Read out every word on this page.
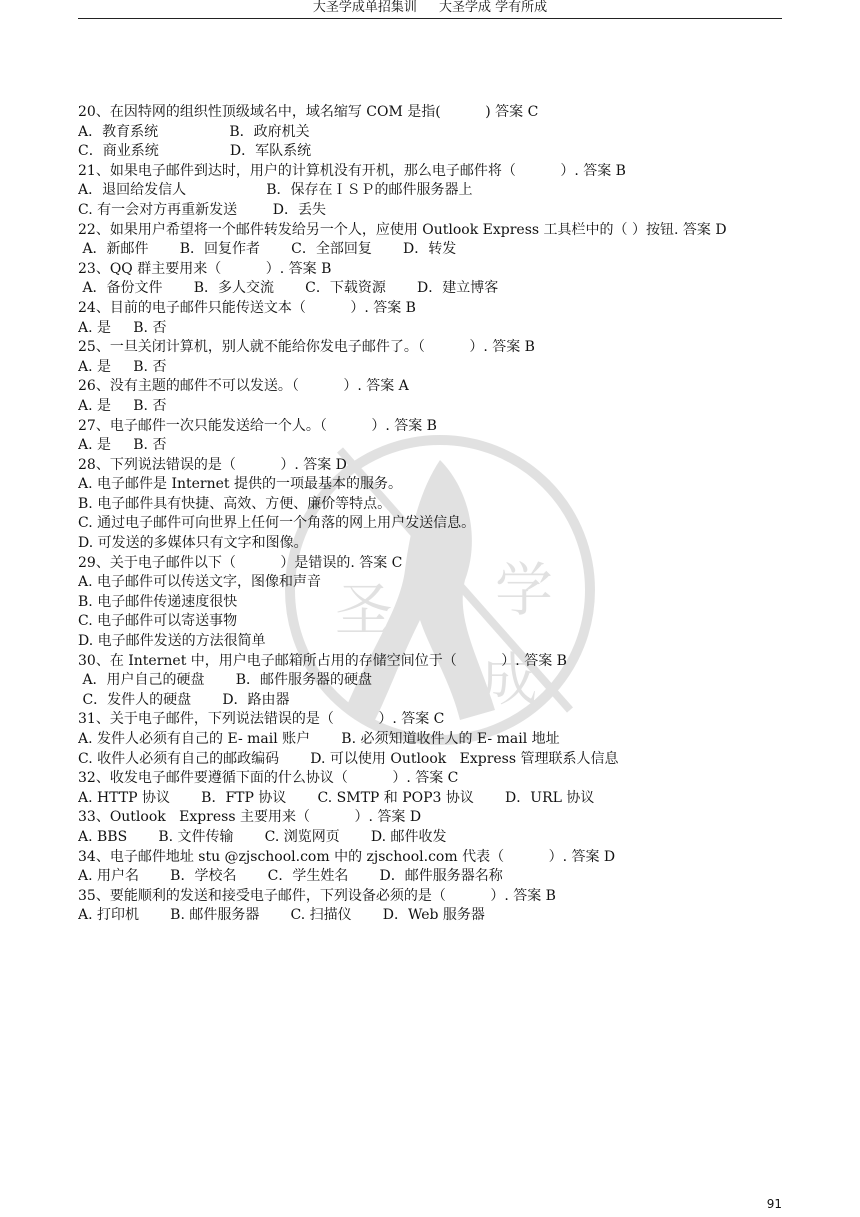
大圣学成单招集训 大圣学成 学有所成
圣 学
成
20、在因特网的组织性顶级域名中，域名缩写 COM 是指(          ) 答案 C
A．教育系统                B．政府机关
C．商业系统                D．军队系统
21、如果电子邮件到达时，用户的计算机没有开机，那么电子邮件将（          ）. 答案 B
A．退回给发信人                  B．保存在ＩＳＰ的邮件服务器上
C. 有一会对方再重新发送        D．丢失
22、如果用户希望将一个邮件转发给另一个人，应使用 Outlook Express 工具栏中的（ ）按钮. 答案 D
A．新邮件       B．回复作者       C．全部回复       D．转发
23、QQ 群主要用来（          ）. 答案 B
A．备份文件       B．多人交流       C．下载资源       D．建立博客
24、目前的电子邮件只能传送文本（          ）. 答案 B
A. 是     B. 否
25、一旦关闭计算机，别人就不能给你发电子邮件了。（          ）. 答案 B
A. 是     B. 否
26、没有主题的邮件不可以发送。（          ）. 答案 A
A. 是     B. 否
27、电子邮件一次只能发送给一个人。（          ）. 答案 B
A. 是     B. 否
28、下列说法错误的是（          ）. 答案 D
A. 电子邮件是 Internet 提供的一项最基本的服务。
B. 电子邮件具有快捷、高效、方便、廉价等特点。
C. 通过电子邮件可向世界上任何一个角落的网上用户发送信息。
D. 可发送的多媒体只有文字和图像。
29、关于电子邮件以下（          ）是错误的. 答案 C
A. 电子邮件可以传送文字，图像和声音
B. 电子邮件传递速度很快
C. 电子邮件可以寄送事物
D. 电子邮件发送的方法很简单
30、在 Internet 中，用户电子邮箱所占用的存储空间位于（          ）. 答案 B
A．用户自己的硬盘       B．邮件服务器的硬盘
C．发件人的硬盘       D．路由器
31、关于电子邮件，下列说法错误的是（          ）. 答案 C
A. 发件人必须有自己的 E- mail 账户       B. 必须知道收件人的 E- mail 地址
C. 收件人必须有自己的邮政编码       D. 可以使用 Outlook   Express 管理联系人信息
32、收发电子邮件要遵循下面的什么协议（          ）. 答案 C
A. HTTP 协议       B．FTP 协议       C. SMTP 和 POP3 协议       D．URL 协议
33、Outlook   Express 主要用来（          ）. 答案 D
A. BBS       B. 文件传输       C. 浏览网页       D. 邮件收发
34、电子邮件地址 stu @zjschool.com 中的 zjschool.com 代表（          ）. 答案 D
A. 用户名       B．学校名       C．学生姓名       D．邮件服务器名称
35、要能顺利的发送和接受电子邮件，下列设备必须的是（          ）. 答案 B
A. 打印机       B. 邮件服务器       C. 扫描仪       D．Web 服务器
91
